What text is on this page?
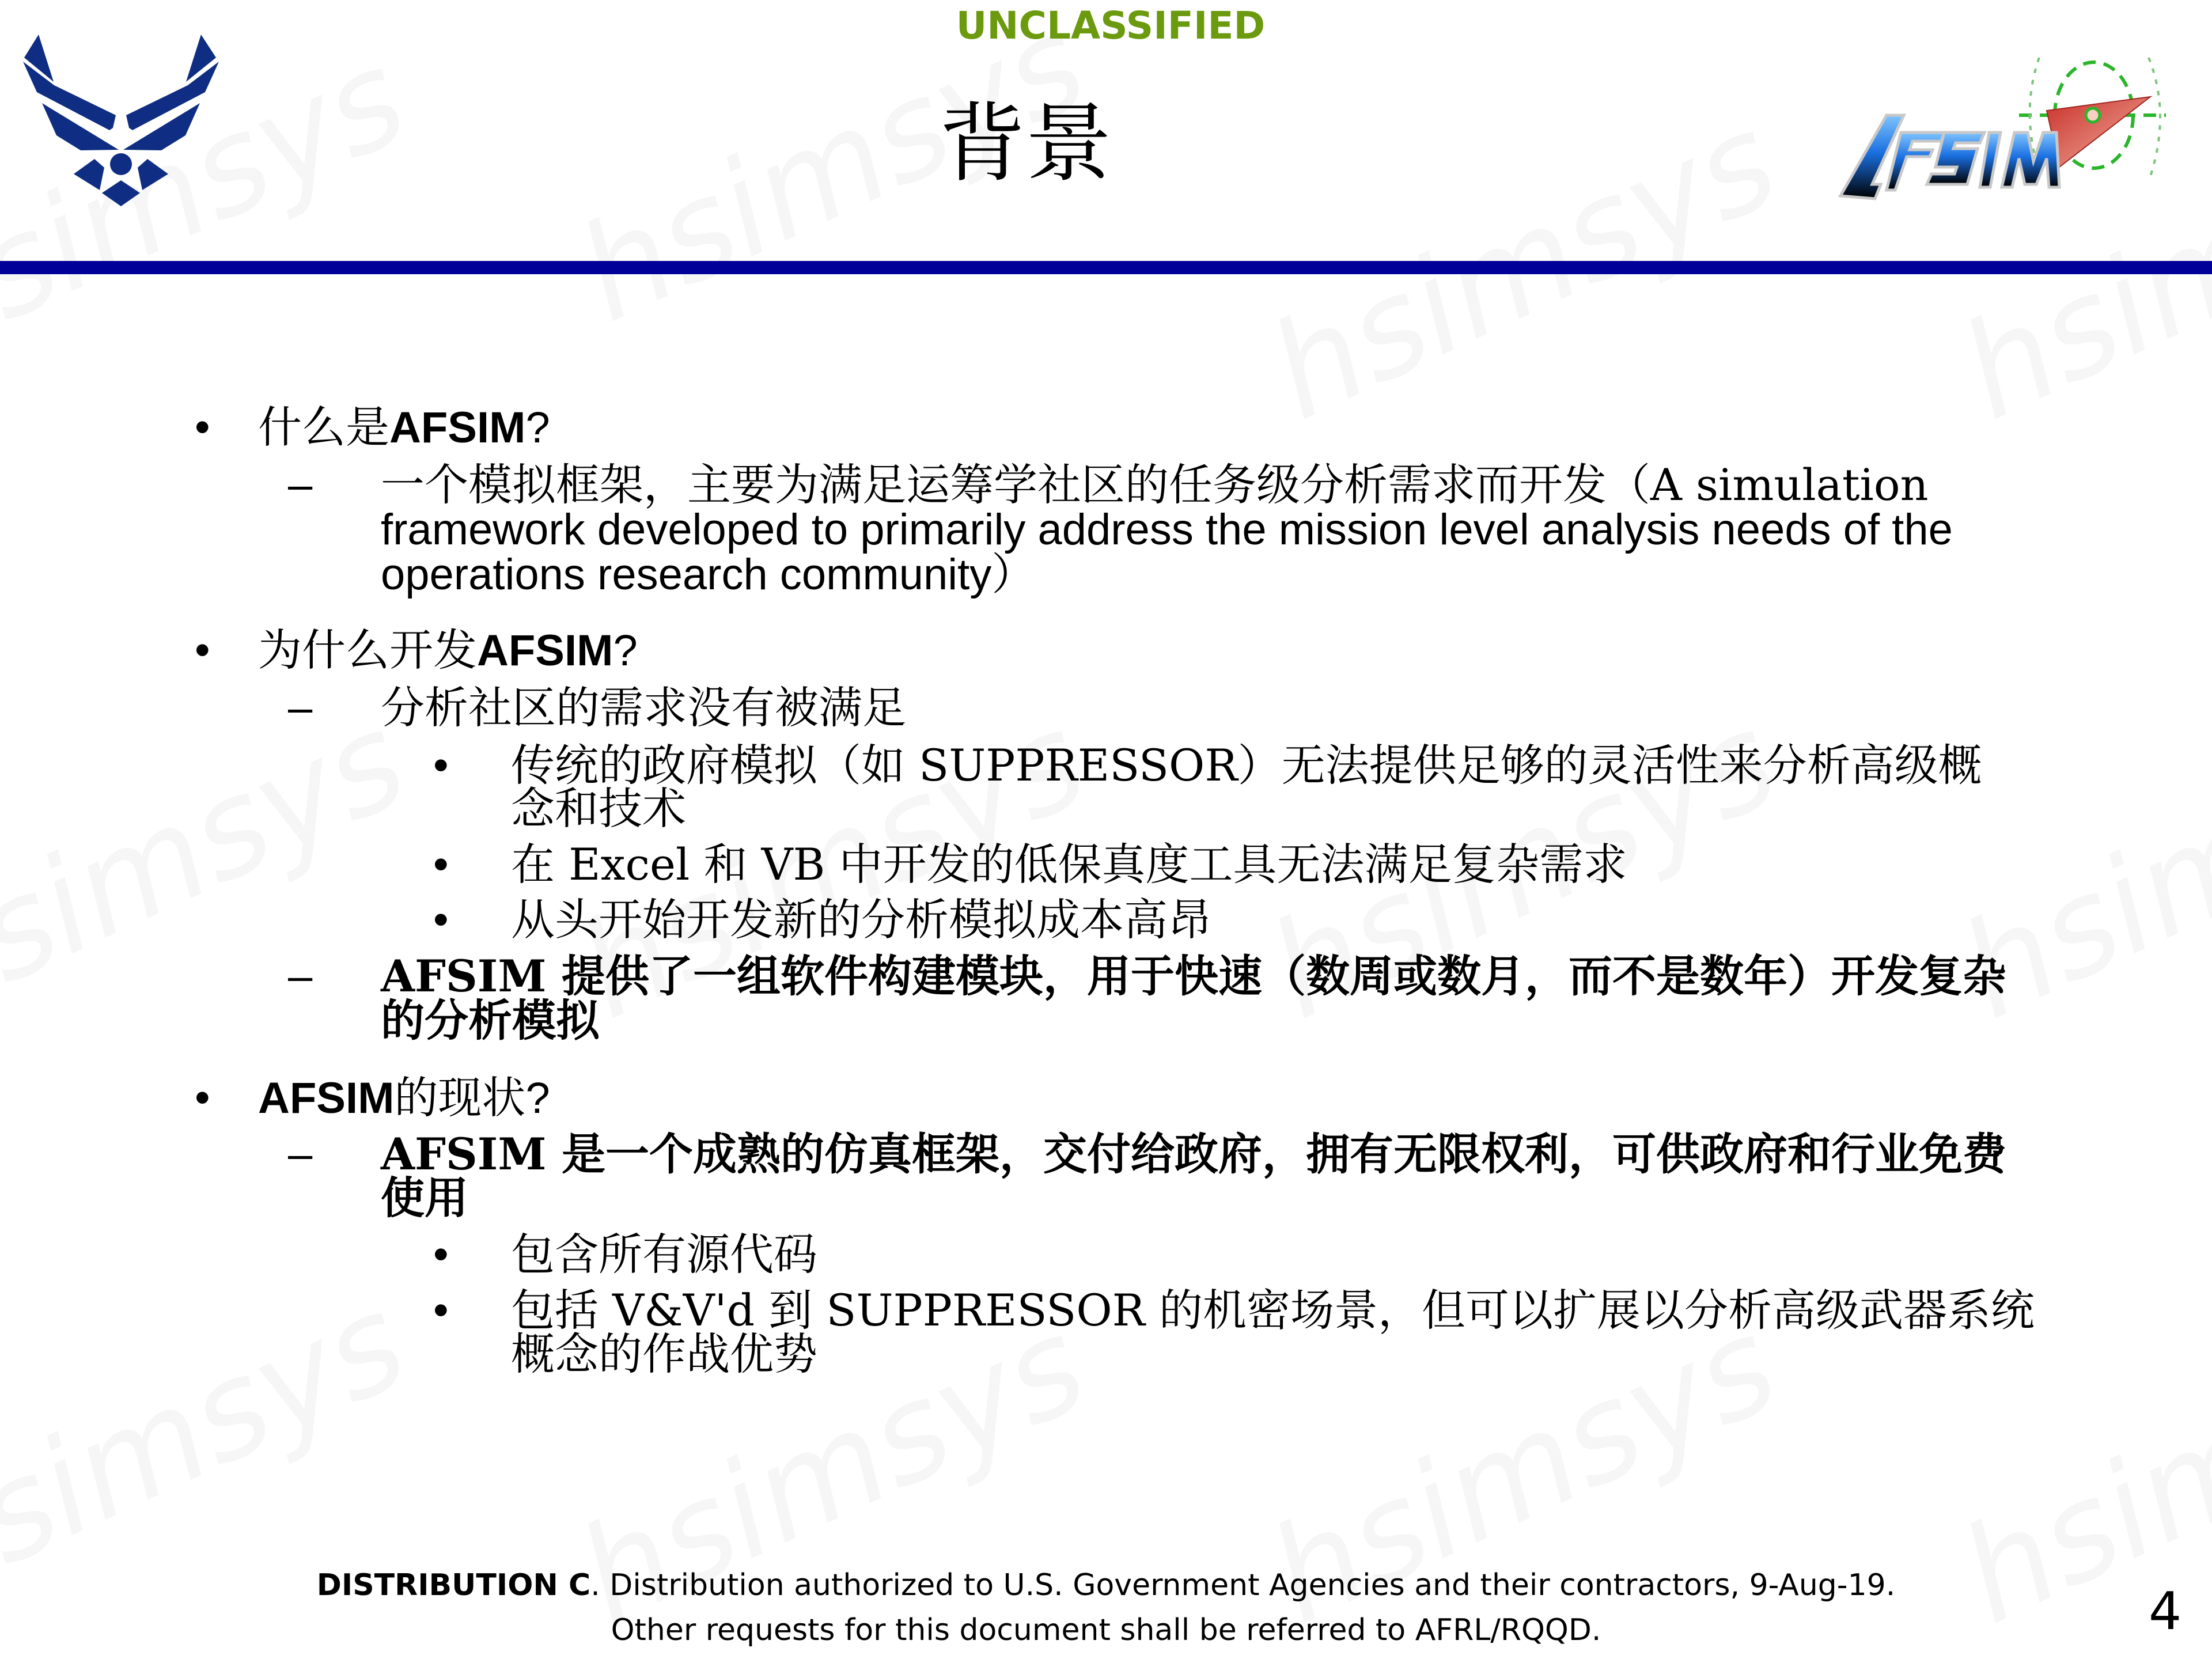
UNCLASSIFIED
背景
• 什么是AFSIM?
– 一个模拟框架，主要为满足运筹学社区的任务级分析需求而开发（A simulation
framework developed to primarily address the mission level analysis needs of the
operations research community）
• 为什么开发AFSIM?
– 分析社区的需求没有被满足
• 传统的政府模拟（如 SUPPRESSOR）无法提供足够的灵活性来分析高级概
念和技术
• 在 Excel 和 VB 中开发的低保真度工具无法满足复杂需求
• 从头开始开发新的分析模拟成本高昂
– AFSIM 提供了一组软件构建模块，用于快速（数周或数月，而不是数年）开发复杂
的分析模拟
• AFSIM的现状?
– AFSIM 是一个成熟的仿真框架，交付给政府，拥有无限权利，可供政府和行业免费
使用
• 包含所有源代码
• 包括 V&V'd 到 SUPPRESSOR 的机密场景，但可以扩展以分析高级武器系统
概念的作战优势
DISTRIBUTION C. Distribution authorized to U.S. Government Agencies and their contractors, 9-Aug-19.
Other requests for this document shall be referred to AFRL/RQQD.	4
